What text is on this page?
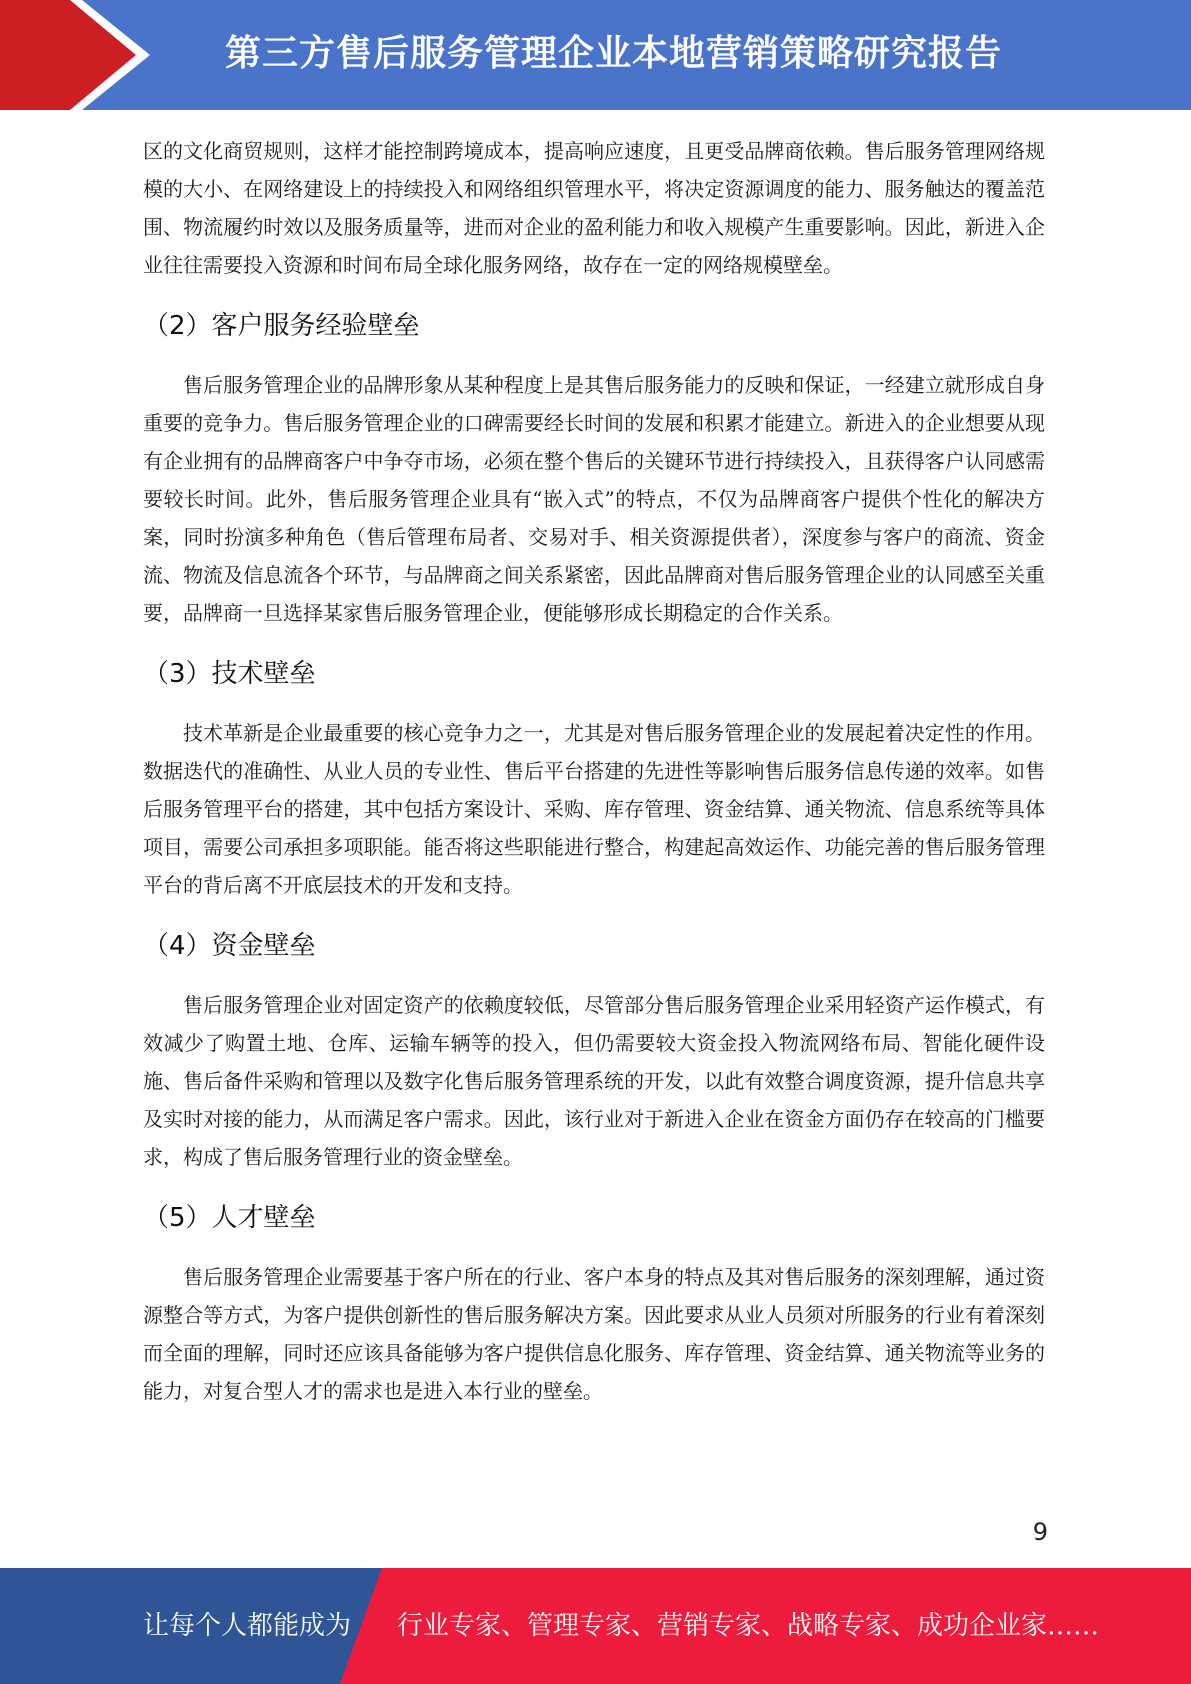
第三方售后服务管理企业本地营销策略研究报告

区的文化商贸规则，这样才能控制跨境成本，提高响应速度，且更受品牌商依赖。售后服务管理网络规模的大小、在网络建设上的持续投入和网络组织管理水平，将决定资源调度的能力、服务触达的覆盖范围、物流履约时效以及服务质量等，进而对企业的盈利能力和收入规模产生重要影响。因此，新进入企业往往需要投入资源和时间布局全球化服务网络，故存在一定的网络规模壁垒。

（2）客户服务经验壁垒

售后服务管理企业的品牌形象从某种程度上是其售后服务能力的反映和保证，一经建立就形成自身重要的竞争力。售后服务管理企业的口碑需要经长时间的发展和积累才能建立。新进入的企业想要从现有企业拥有的品牌商客户中争夺市场，必须在整个售后的关键环节进行持续投入，且获得客户认同感需要较长时间。此外，售后服务管理企业具有“嵌入式”的特点，不仅为品牌商客户提供个性化的解决方案，同时扮演多种角色（售后管理布局者、交易对手、相关资源提供者），深度参与客户的商流、资金流、物流及信息流各个环节，与品牌商之间关系紧密，因此品牌商对售后服务管理企业的认同感至关重要，品牌商一旦选择某家售后服务管理企业，便能够形成长期稳定的合作关系。

（3）技术壁垒

技术革新是企业最重要的核心竞争力之一，尤其是对售后服务管理企业的发展起着决定性的作用。数据迭代的准确性、从业人员的专业性、售后平台搭建的先进性等影响售后服务信息传递的效率。如售后服务管理平台的搭建，其中包括方案设计、采购、库存管理、资金结算、通关物流、信息系统等具体项目，需要公司承担多项职能。能否将这些职能进行整合，构建起高效运作、功能完善的售后服务管理平台的背后离不开底层技术的开发和支持。

（4）资金壁垒

售后服务管理企业对固定资产的依赖度较低，尽管部分售后服务管理企业采用轻资产运作模式，有效减少了购置土地、仓库、运输车辆等的投入，但仍需要较大资金投入物流网络布局、智能化硬件设施、售后备件采购和管理以及数字化售后服务管理系统的开发，以此有效整合调度资源，提升信息共享及实时对接的能力，从而满足客户需求。因此，该行业对于新进入企业在资金方面仍存在较高的门槛要求，构成了售后服务管理行业的资金壁垒。

（5）人才壁垒

售后服务管理企业需要基于客户所在的行业、客户本身的特点及其对售后服务的深刻理解，通过资源整合等方式，为客户提供创新性的售后服务解决方案。因此要求从业人员须对所服务的行业有着深刻而全面的理解，同时还应该具备能够为客户提供信息化服务、库存管理、资金结算、通关物流等业务的能力，对复合型人才的需求也是进入本行业的壁垒。

9
让每个人都能成为 行业专家、管理专家、营销专家、战略专家、成功企业家……
